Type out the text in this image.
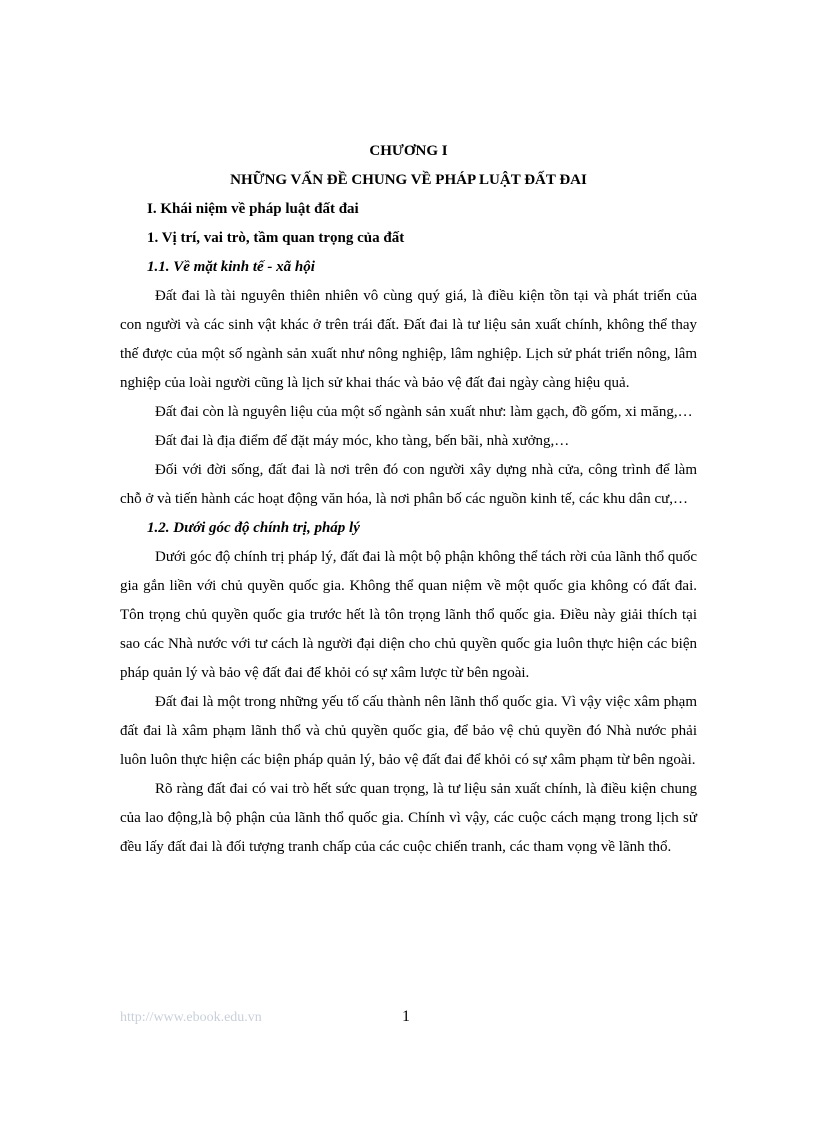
CHƯƠNG I

NHỮNG VẤN ĐỀ CHUNG VỀ PHÁP LUẬT ĐẤT ĐAI

I. Khái niệm về pháp luật đất đai

1. Vị trí, vai trò, tầm quan trọng của đất

1.1. Về mặt kinh tế - xã hội

Đất đai là tài nguyên thiên nhiên vô cùng quý giá, là điều kiện tồn tại và phát triển của con người và các sinh vật khác ở trên trái đất. Đất đai là tư liệu sản xuất chính, không thể thay thế được của một số ngành sản xuất như nông nghiệp, lâm nghiệp. Lịch sử phát triển nông, lâm nghiệp của loài người cũng là lịch sử khai thác và bảo vệ đất đai ngày càng hiệu quả.

Đất đai còn là nguyên liệu của một số ngành sản xuất như: làm gạch, đồ gốm, xi măng,…

Đất đai là địa điểm để đặt máy móc, kho tàng, bến bãi, nhà xưởng,…

Đối với đời sống, đất đai là nơi trên đó con người xây dựng nhà cửa, công trình để làm chỗ ở và tiến hành các hoạt động văn hóa, là nơi phân bố các nguồn kinh tế, các khu dân cư,…

1.2. Dưới góc độ chính trị, pháp lý

Dưới góc độ chính trị pháp lý, đất đai là một bộ phận không thể tách rời của lãnh thổ quốc gia gắn liền với chủ quyền quốc gia. Không thể quan niệm về một quốc gia không có đất đai. Tôn trọng chủ quyền quốc gia trước hết là tôn trọng lãnh thổ quốc gia. Điều này giải thích tại sao các Nhà nước với tư cách là người đại diện cho chủ quyền quốc gia luôn thực hiện các biện pháp quản lý và bảo vệ đất đai để khỏi có sự xâm lược từ bên ngoài.

Đất đai là một trong những yếu tố cấu thành nên lãnh thổ quốc gia. Vì vậy việc xâm phạm đất đai là xâm phạm lãnh thổ và chủ quyền quốc gia, để bảo vệ chủ quyền đó Nhà nước phải luôn luôn thực hiện các biện pháp quản lý, bảo vệ đất đai để khỏi có sự xâm phạm từ bên ngoài.

Rõ ràng đất đai có vai trò hết sức quan trọng, là tư liệu sản xuất chính, là điều kiện chung của lao động,là bộ phận của lãnh thổ quốc gia. Chính vì vậy, các cuộc cách mạng trong lịch sử đều lấy đất đai là đối tượng tranh chấp của các cuộc chiến tranh, các tham vọng về lãnh thổ.

http://www.ebook.edu.vn	1
